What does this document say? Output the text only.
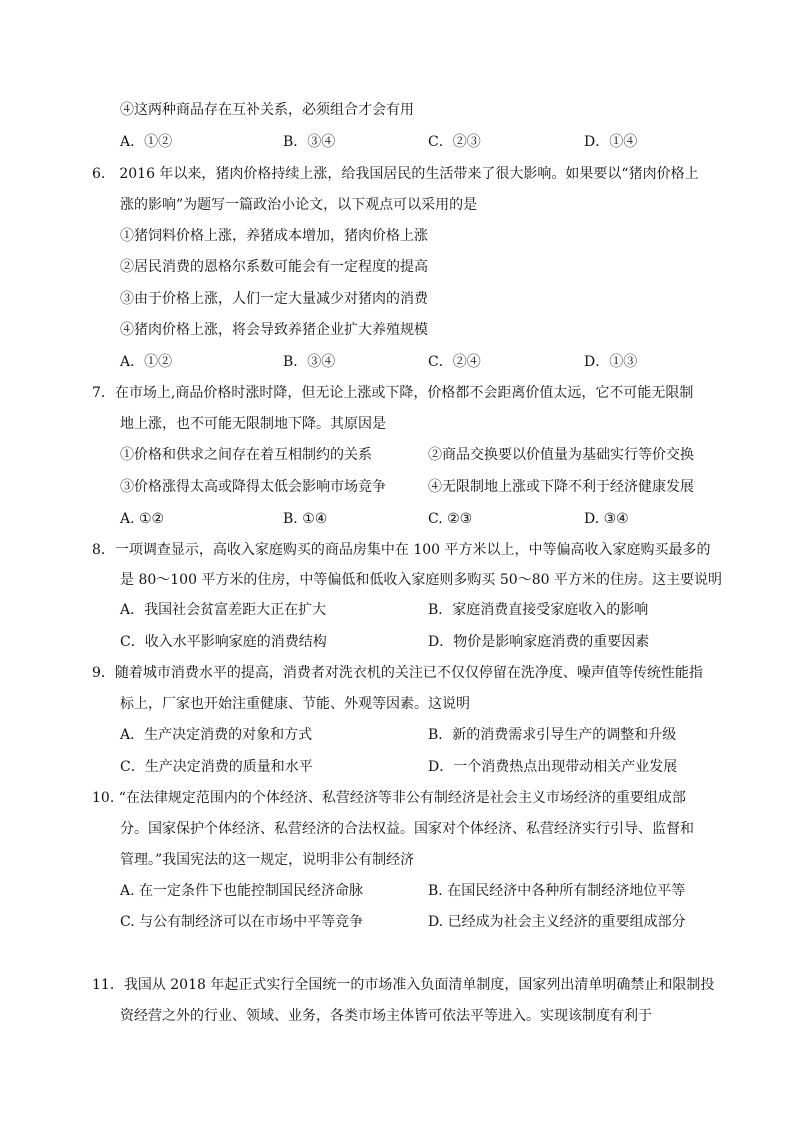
④这两种商品存在互补关系，必须组合才会有用
A．①②	B．③④	C．②③	D．①④
6． 2016 年以来，猪肉价格持续上涨，给我国居民的生活带来了很大影响。如果要以“猪肉价格上
涨的影响”为题写一篇政治小论文，以下观点可以采用的是
①猪饲料价格上涨，养猪成本增加，猪肉价格上涨
②居民消费的恩格尔系数可能会有一定程度的提高
③由于价格上涨，人们一定大量减少对猪肉的消费
④猪肉价格上涨，将会导致养猪企业扩大养殖规模
A．①②	B．③④	C．②④	D．①③
7．在市场上,商品价格时涨时降，但无论上涨或下降，价格都不会距离价值太远，它不可能无限制
地上涨，也不可能无限制地下降。其原因是
①价格和供求之间存在着互相制约的关系	②商品交换要以价值量为基础实行等价交换
③价格涨得太高或降得太低会影响市场竞争	④无限制地上涨或下降不利于经济健康发展
A. ①②	B. ①④	C. ②③	D. ③④
8．一项调查显示，高收入家庭购买的商品房集中在 100 平方米以上，中等偏高收入家庭购买最多的
是 80～100 平方米的住房，中等偏低和低收入家庭则多购买 50～80 平方米的住房。这主要说明
A．我国社会贫富差距大正在扩大	B．家庭消费直接受家庭收入的影响
C．收入水平影响家庭的消费结构	D．物价是影响家庭消费的重要因素
9．随着城市消费水平的提高，消费者对洗衣机的关注已不仅仅停留在洗净度、噪声值等传统性能指
标上，厂家也开始注重健康、节能、外观等因素。这说明
A．生产决定消费的对象和方式	B．新的消费需求引导生产的调整和升级
C．生产决定消费的质量和水平	D．一个消费热点出现带动相关产业发展
10. “在法律规定范围内的个体经济、私营经济等非公有制经济是社会主义市场经济的重要组成部
分。国家保护个体经济、私营经济的合法权益。国家对个体经济、私营经济实行引导、监督和
管理。”我国宪法的这一规定，说明非公有制经济
A. 在一定条件下也能控制国民经济命脉	B. 在国民经济中各种所有制经济地位平等
C. 与公有制经济可以在市场中平等竞争	D. 已经成为社会主义经济的重要组成部分
11．我国从 2018 年起正式实行全国统一的市场准入负面清单制度，国家列出清单明确禁止和限制投
资经营之外的行业、领域、业务，各类市场主体皆可依法平等进入。实现该制度有利于
